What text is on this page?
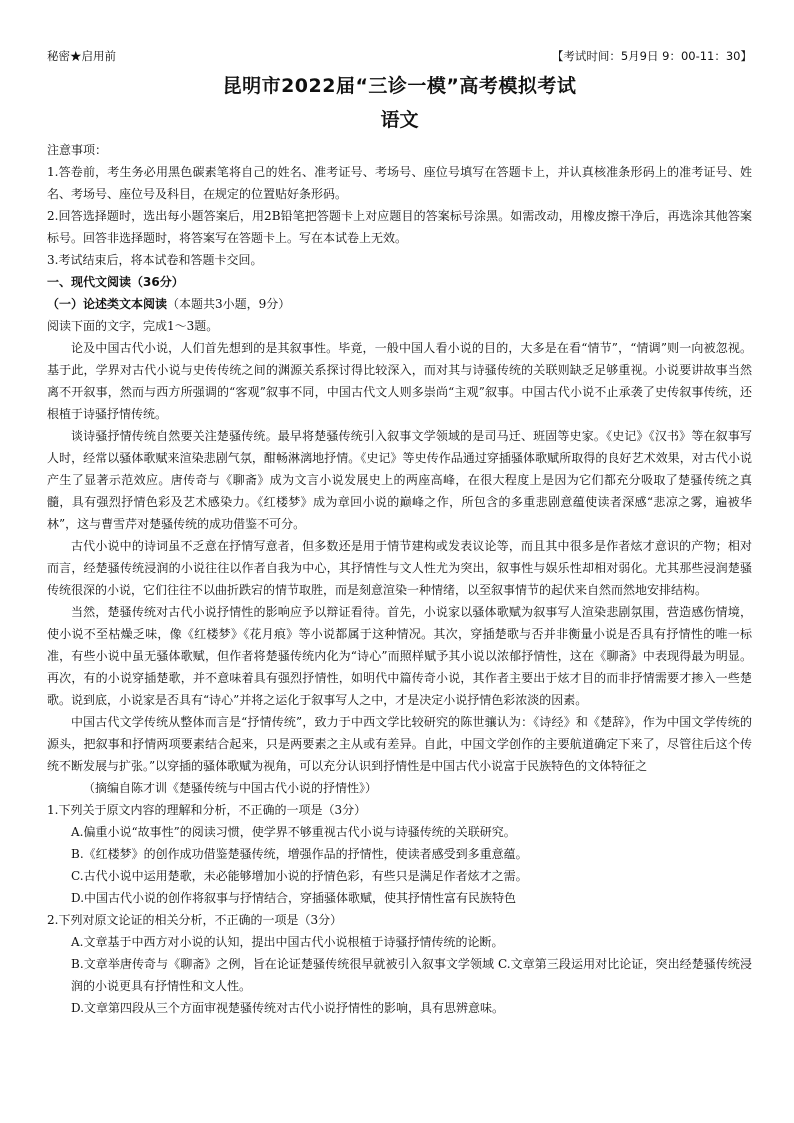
秘密★启用前	【考试时间：5月9日 9：00-11：30】
昆明市2022届“三诊一模”高考模拟考试
语文

注意事项：

1.答卷前，考生务必用黑色碳素笔将自己的姓名、准考证号、考场号、座位号填写在答题卡上，并认真核准条形码上的准考证号、姓名、考场号、座位号及科目，在规定的位置贴好条形码。

2.回答选择题时，选出每小题答案后，用2B铅笔把答题卡上对应题目的答案标号涂黑。如需改动，用橡皮擦干净后，再选涂其他答案标号。回答非选择题时，将答案写在答题卡上。写在本试卷上无效。

3.考试结束后，将本试卷和答题卡交回。

一、现代文阅读（36分）

（一）论述类文本阅读（本题共3小题，9分）

阅读下面的文字，完成1～3题。

论及中国古代小说，人们首先想到的是其叙事性。毕竟，一般中国人看小说的目的，大多是在看“情节”，“情调”则一向被忽视。基于此，学界对古代小说与史传传统之间的渊源关系探讨得比较深入，而对其与诗骚传统的关联则缺乏足够重视。小说要讲故事当然离不开叙事，然而与西方所强调的“客观”叙事不同，中国古代文人则多崇尚“主观”叙事。中国古代小说不止承袭了史传叙事传统，还根植于诗骚抒情传统。

谈诗骚抒情传统自然要关注楚骚传统。最早将楚骚传统引入叙事文学领域的是司马迁、班固等史家。《史记》《汉书》等在叙事写人时，经常以骚体歌赋来渲染悲剧气氛，酣畅淋漓地抒情。《史记》等史传作品通过穿插骚体歌赋所取得的良好艺术效果，对古代小说产生了显著示范效应。唐传奇与《聊斋》成为文言小说发展史上的两座高峰，在很大程度上是因为它们都充分吸取了楚骚传统之真髓，具有强烈抒情色彩及艺术感染力。《红楼梦》成为章回小说的巅峰之作，所包含的多重悲剧意蕴使读者深感“悲凉之雾，遍被华林”，这与曹雪芹对楚骚传统的成功借鉴不可分。

古代小说中的诗词虽不乏意在抒情写意者，但多数还是用于情节建构或发表议论等，而且其中很多是作者炫才意识的产物；相对而言，经楚骚传统浸润的小说往往以作者自我为中心，其抒情性与文人性尤为突出，叙事性与娱乐性却相对弱化。尤其那些浸润楚骚传统很深的小说，它们往往不以曲折跌宕的情节取胜，而是刻意渲染一种情绪，以至叙事情节的起伏来自然而然地安排结构。

当然，楚骚传统对古代小说抒情性的影响应予以辩证看待。首先，小说家以骚体歌赋为叙事写人渲染悲剧氛围，营造感伤情境，使小说不至枯燥乏味，像《红楼梦》《花月痕》等小说都属于这种情况。其次，穿插楚歌与否并非衡量小说是否具有抒情性的唯一标准，有些小说中虽无骚体歌赋，但作者将楚骚传统内化为“诗心”而照样赋予其小说以浓郁抒情性，这在《聊斋》中表现得最为明显。再次，有的小说穿插楚歌，并不意味着具有强烈抒情性，如明代中篇传奇小说，其作者主要出于炫才目的而非抒情需要才掺入一些楚歌。说到底，小说家是否具有“诗心”并将之运化于叙事写人之中，才是决定小说抒情色彩浓淡的因素。

中国古代文学传统从整体而言是“抒情传统”，致力于中西文学比较研究的陈世骧认为：《诗经》和《楚辞》，作为中国文学传统的源头，把叙事和抒情两项要素结合起来，只是两要素之主从或有差异。自此，中国文学创作的主要航道确定下来了，尽管往后这个传统不断发展与扩张。”以穿插的骚体歌赋为视角，可以充分认识到抒情性是中国古代小说富于民族特色的文体特征之

（摘编自陈才训《楚骚传统与中国古代小说的抒情性》）

1.下列关于原文内容的理解和分析，不正确的一项是（3分）

A.偏重小说“故事性”的阅读习惯，使学界不够重视古代小说与诗骚传统的关联研究。

B.《红楼梦》的创作成功借鉴楚骚传统，增强作品的抒情性，使读者感受到多重意蕴。

C.古代小说中运用楚歌，未必能够增加小说的抒情色彩，有些只是满足作者炫才之需。

D.中国古代小说的创作将叙事与抒情结合，穿插骚体歌赋，使其抒情性富有民族特色

2.下列对原文论证的相关分析，不正确的一项是（3分）

A.文章基于中西方对小说的认知，提出中国古代小说根植于诗骚抒情传统的论断。

B.文章举唐传奇与《聊斋》之例，旨在论证楚骚传统很早就被引入叙事文学领域 C.文章第三段运用对比论证，突出经楚骚传统浸润的小说更具有抒情性和文人性。

D.文章第四段从三个方面审视楚骚传统对古代小说抒情性的影响，具有思辨意味。
